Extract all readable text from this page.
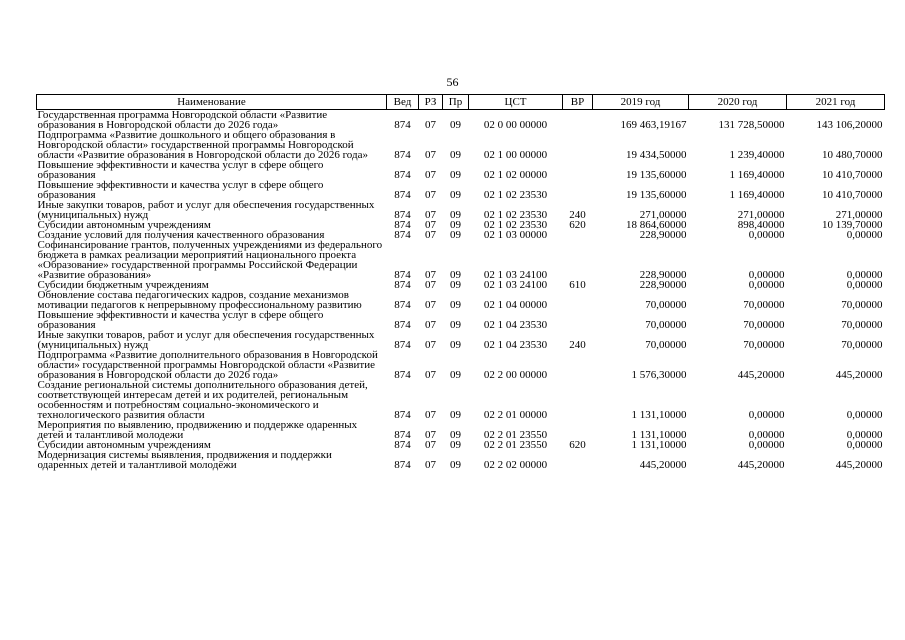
56
Наименование	Вед	РЗ	Пр	ЦСТ	ВР	2019 год	2020 год	2021 год
Государственная программа Новгородской области «Развитие образования в Новгородской области до 2026 года»	874	07	09	02 0 00 00000		169 463,19167	131 728,50000	143 106,20000
Подпрограмма «Развитие дошкольного и общего образования в Новгородской области» государственной программы Новгородской области «Развитие образования в Новгородской области до 2026 года»	874	07	09	02 1 00 00000		19 434,50000	1 239,40000	10 480,70000
Повышение эффективности и качества услуг в сфере общего образования	874	07	09	02 1 02 00000		19 135,60000	1 169,40000	10 410,70000
Повышение эффективности и качества услуг в сфере общего образования	874	07	09	02 1 02 23530		19 135,60000	1 169,40000	10 410,70000
Иные закупки товаров, работ и услуг для обеспечения государственных (муниципальных) нужд	874	07	09	02 1 02 23530	240	271,00000	271,00000	271,00000
Субсидии автономным учреждениям	874	07	09	02 1 02 23530	620	18 864,60000	898,40000	10 139,70000
Создание условий для получения качественного образования	874	07	09	02 1 03 00000		228,90000	0,00000	0,00000
Софинансирование грантов, полученных учреждениями из федерального бюджета в рамках реализации мероприятий национального проекта «Образование» государственной программы Российской Федерации «Развитие образования»	874	07	09	02 1 03 24100		228,90000	0,00000	0,00000
Субсидии бюджетным учреждениям	874	07	09	02 1 03 24100	610	228,90000	0,00000	0,00000
Обновление состава педагогических кадров, создание механизмов мотивации педагогов к непрерывному профессиональному развитию	874	07	09	02 1 04 00000		70,00000	70,00000	70,00000
Повышение эффективности и качества услуг в сфере общего образования	874	07	09	02 1 04 23530		70,00000	70,00000	70,00000
Иные закупки товаров, работ и услуг для обеспечения государственных (муниципальных) нужд	874	07	09	02 1 04 23530	240	70,00000	70,00000	70,00000
Подпрограмма «Развитие дополнительного образования в Новгородской области» государственной программы Новгородской области «Развитие образования в Новгородской области до 2026 года»	874	07	09	02 2 00 00000		1 576,30000	445,20000	445,20000
Создание региональной системы дополнительного образования детей, соответствующей интересам детей и их родителей, региональным особенностям и потребностям социально-экономического и технологического развития области	874	07	09	02 2 01 00000		1 131,10000	0,00000	0,00000
Мероприятия по выявлению, продвижению и поддержке одаренных детей и талантливой молодежи	874	07	09	02 2 01 23550		1 131,10000	0,00000	0,00000
Субсидии автономным учреждениям	874	07	09	02 2 01 23550	620	1 131,10000	0,00000	0,00000
Модернизация системы выявления, продвижения и поддержки одаренных детей и талантливой молодёжи	874	07	09	02 2 02 00000		445,20000	445,20000	445,20000
